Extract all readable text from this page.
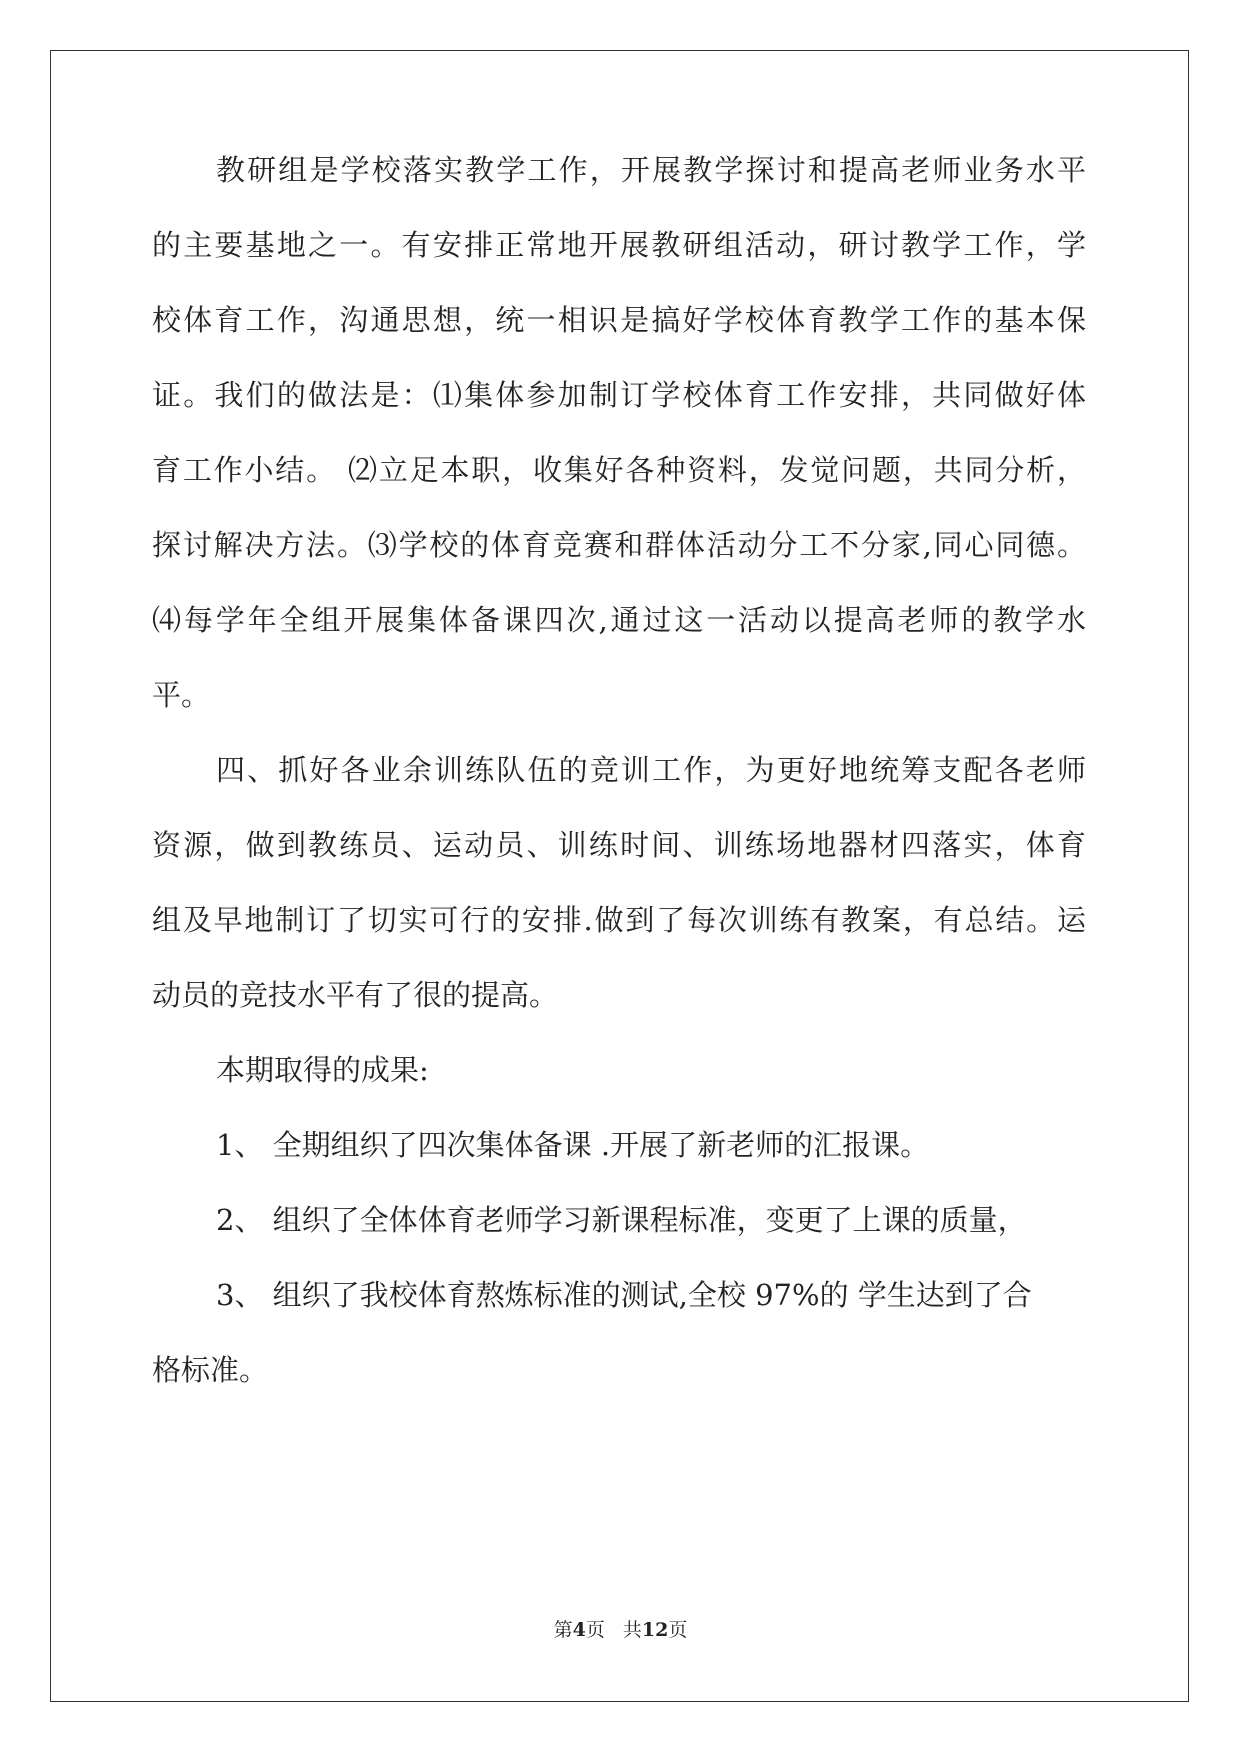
教研组是学校落实教学工作，开展教学探讨和提高老师业务水平
的主要基地之一。有安排正常地开展教研组活动，研讨教学工作，学
校体育工作，沟通思想，统一相识是搞好学校体育教学工作的基本保
证。我们的做法是：⑴集体参加制订学校体育工作安排，共同做好体
育工作小结。 ⑵立足本职，收集好各种资料，发觉问题，共同分析，
探讨解决方法。⑶学校的体育竞赛和群体活动分工不分家,同心同德。
⑷每学年全组开展集体备课四次,通过这一活动以提高老师的教学水
平。
四、抓好各业余训练队伍的竞训工作，为更好地统筹支配各老师
资源，做到教练员、运动员、训练时间、训练场地器材四落实，体育
组及早地制订了切实可行的安排.做到了每次训练有教案，有总结。运
动员的竞技水平有了很的提高。
本期取得的成果:
1、 全期组织了四次集体备课 .开展了新老师的汇报课。
2、 组织了全体体育老师学习新课程标准，变更了上课的质量，
3、 组织了我校体育熬炼标准的测试,全校 97%的 学生达到了合
格标准。
第4页 共12页
